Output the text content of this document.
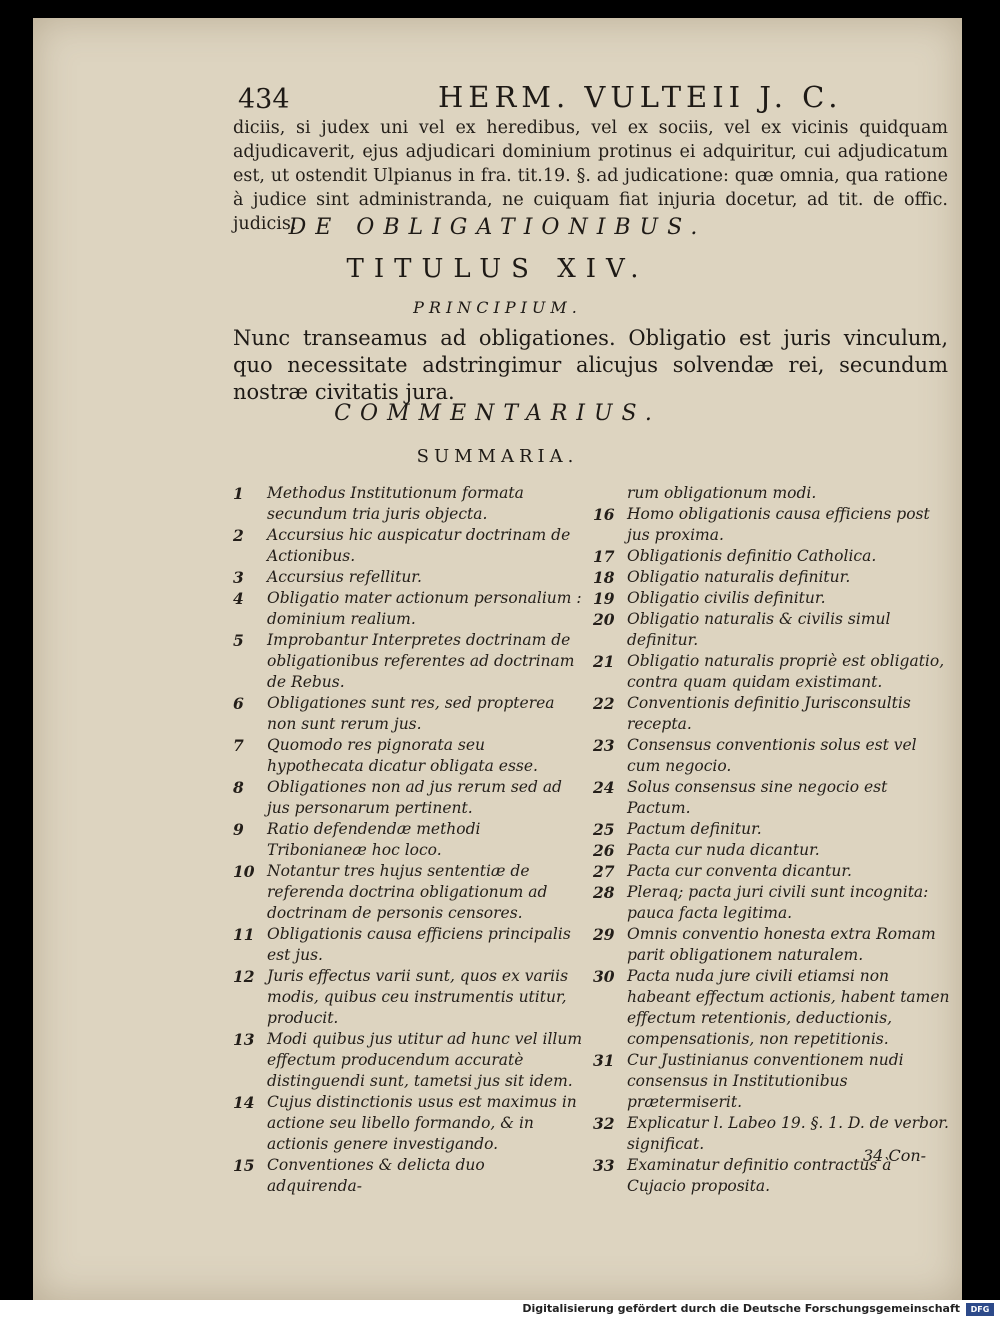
434	HERM. VULTEII J. C.
diciis, si judex uni vel ex heredibus, vel ex sociis, vel ex vicinis quidquam adjudicaverit, ejus adjudicari dominium protinus ei adquiritur, cui adjudicatum est, ut ostendit Ulpianus in fra. tit.19. §. ad judicatione: quæ omnia, qua ratione à judice sint administranda, ne cuiquam fiat injuria docetur, ad tit. de offic. judicis.
DE OBLIGATIONIBUS.
TITULUS XIV.
PRINCIPIUM.
Nunc transeamus ad obligationes. Obligatio est juris vinculum, quo necessitate adstringimur alicujus solvendæ rei, secundum nostræ civitatis jura.
COMMENTARIUS.
SUMMARIA.
1 Methodus Institutionum formata secundum tria juris objecta.
2 Accursius hic auspicatur doctrinam de Actionibus.
3 Accursius refellitur.
4 Obligatio mater actionum personalium : dominium realium.
5 Improbantur Interpretes doctrinam de obligationibus referentes ad doctrinam de Rebus.
6 Obligationes sunt res, sed propterea non sunt rerum jus.
7 Quomodo res pignorata seu hypothecata dicatur obligata esse.
8 Obligationes non ad jus rerum sed ad jus personarum pertinent.
9 Ratio defendendæ methodi Tribonianeæ hoc loco.
10 Notantur tres hujus sententiæ de referenda doctrina obligationum ad doctrinam de personis censores.
11 Obligationis causa efficiens principalis est jus.
12 Juris effectus varii sunt, quos ex variis modis, quibus ceu instrumentis utitur, producit.
13 Modi quibus jus utitur ad hunc vel illum effectum producendum accuratè distinguendi sunt, tametsi jus sit idem.
14 Cujus distinctionis usus est maximus in actione seu libello formando, & in actionis genere investigando.
15 Conventiones & delicta duo adquirenda-
rum obligationum modi.
16 Homo obligationis causa efficiens post jus proxima.
17 Obligationis definitio Catholica.
18 Obligatio naturalis definitur.
19 Obligatio civilis definitur.
20 Obligatio naturalis & civilis simul definitur.
21 Obligatio naturalis propriè est obligatio, contra quam quidam existimant.
22 Conventionis definitio Jurisconsultis recepta.
23 Consensus conventionis solus est vel cum negocio.
24 Solus consensus sine negocio est Pactum.
25 Pactum definitur.
26 Pacta cur nuda dicantur.
27 Pacta cur conventa dicantur.
28 Pleraq; pacta juri civili sunt incognita: pauca facta legitima.
29 Omnis conventio honesta extra Romam parit obligationem naturalem.
30 Pacta nuda jure civili etiamsi non habeant effectum actionis, habent tamen effectum retentionis, deductionis, compensationis, non repetitionis.
31 Cur Justinianus conventionem nudi consensus in Institutionibus prætermiserit.
32 Explicatur l. Labeo 19. §. 1. D. de verbor. significat.
33 Examinatur definitio contractus à Cujacio proposita.
34 Con-
Digitalisierung gefördert durch die Deutsche Forschungsgemeinschaft	DFG
